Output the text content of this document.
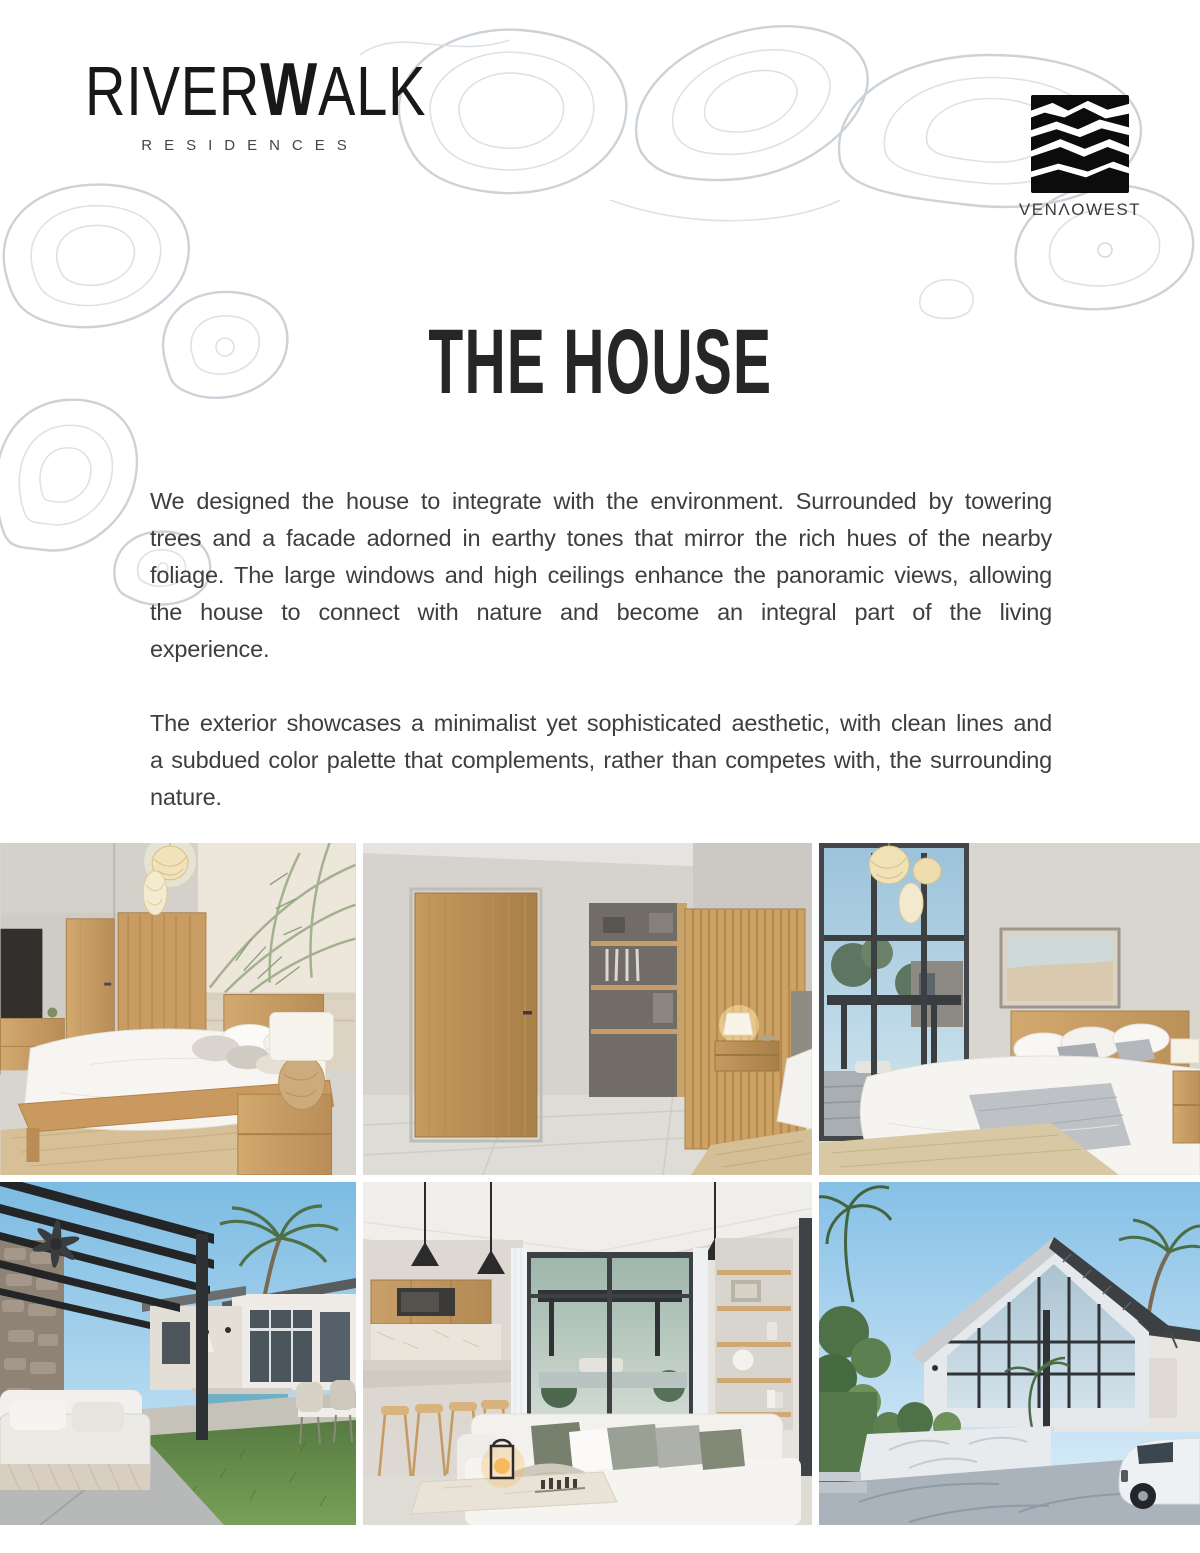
RIVERWALK
RESIDENCES
VENΛOWEST
THE HOUSE

We designed the house to integrate with the environment. Surrounded by towering trees and a facade adorned in earthy tones that mirror the rich hues of the nearby foliage. The large windows and high ceilings enhance the panoramic views, allowing the house to connect with nature and become an integral part of the living experience.

The exterior showcases a minimalist yet sophisticated aesthetic, with clean lines and a subdued color palette that complements, rather than competes with, the surrounding nature.
